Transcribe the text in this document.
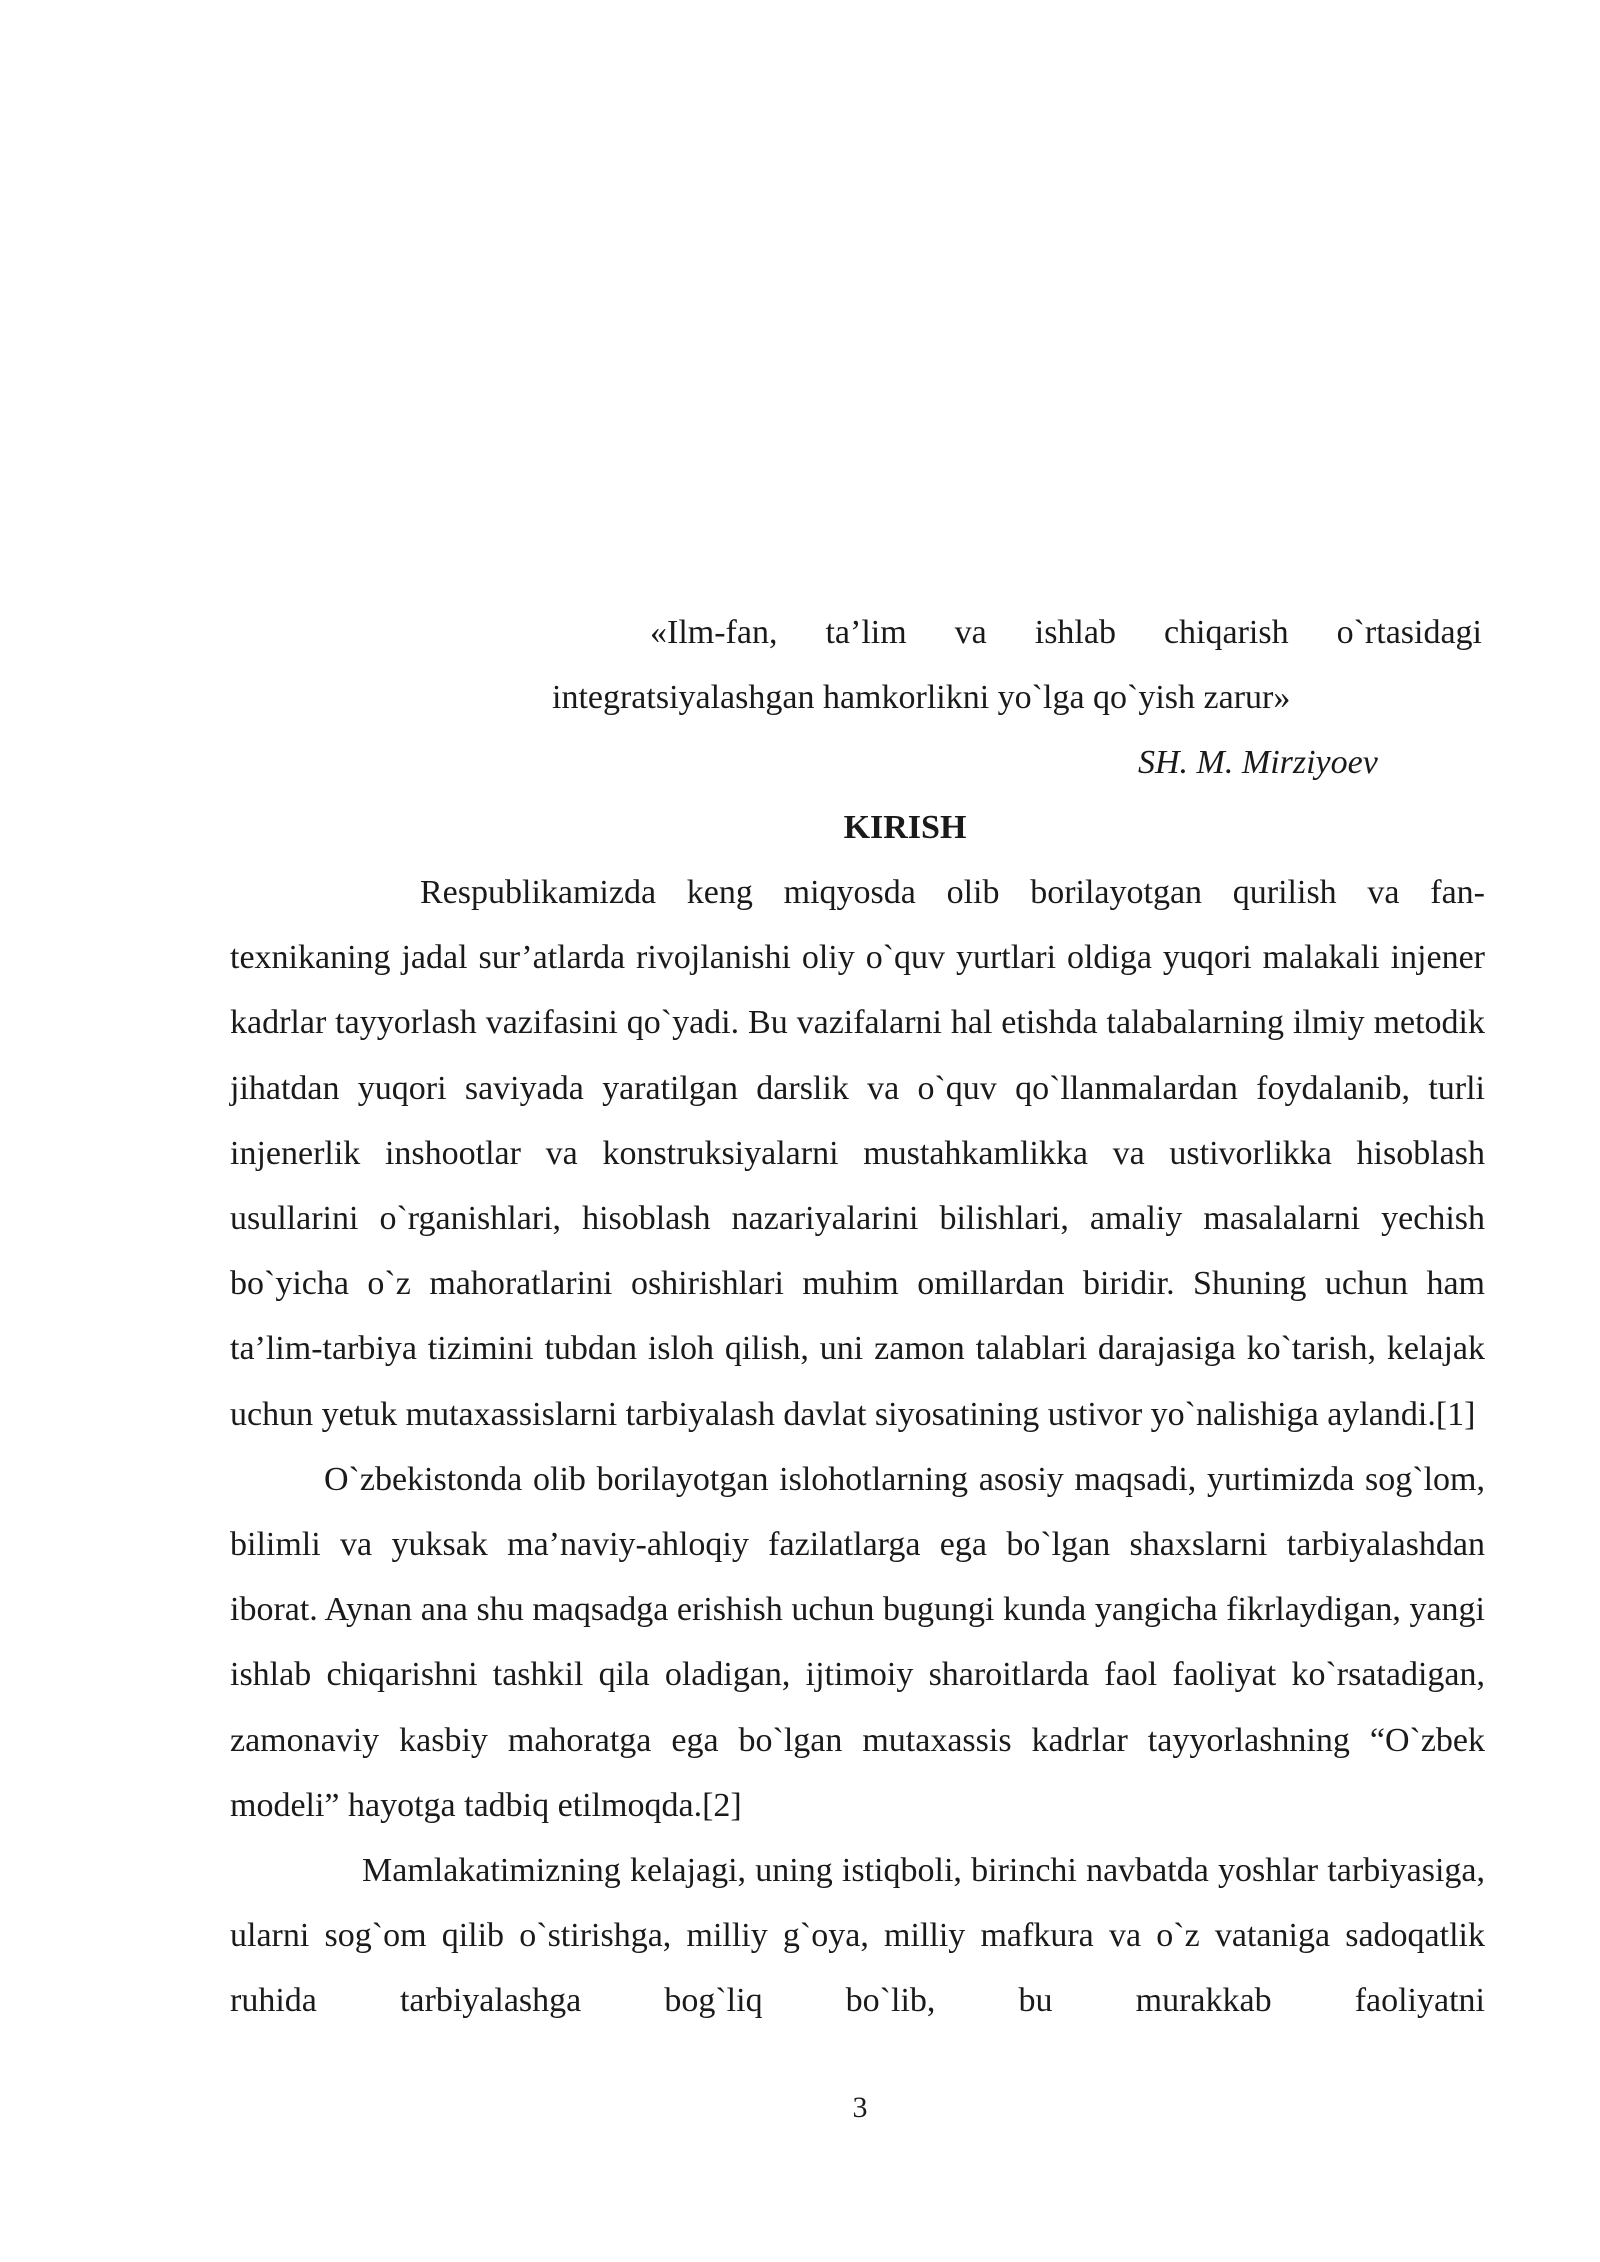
«Ilm-fan, ta’lim va ishlab chiqarish o`rtasidagi
integratsiyalashgan hamkorlikni yo`lga qo`yish zarur»
SH. M. Mirziyoev
KIRISH

Respublikamizda keng miqyosda olib borilayotgan qurilish va fan-texnikaning jadal sur’atlarda rivojlanishi oliy o`quv yurtlari oldiga yuqori malakali injener kadrlar tayyorlash vazifasini qo`yadi. Bu vazifalarni hal etishda talabalarning ilmiy metodik jihatdan yuqori saviyada yaratilgan darslik va o`quv qo`llanmalardan foydalanib, turli injenerlik inshootlar va konstruksiyalarni mustahkamlikka va ustivorlikka hisoblash usullarini o`rganishlari, hisoblash nazariyalarini bilishlari, amaliy masalalarni yechish bo`yicha o`z mahoratlarini oshirishlari muhim omillardan biridir. Shuning uchun ham ta’lim-tarbiya tizimini tubdan isloh qilish, uni zamon talablari darajasiga ko`tarish, kelajak uchun yetuk mutaxassislarni tarbiyalash davlat siyosatining ustivor yo`nalishiga aylandi.[1]

O`zbekistonda olib borilayotgan islohotlarning asosiy maqsadi, yurtimizda sog`lom, bilimli va yuksak ma’naviy-ahloqiy fazilatlarga ega bo`lgan shaxslarni tarbiyalashdan iborat. Aynan ana shu maqsadga erishish uchun bugungi kunda yangicha fikrlaydigan, yangi ishlab chiqarishni tashkil qila oladigan, ijtimoiy sharoitlarda faol faoliyat ko`rsatadigan, zamonaviy kasbiy mahoratga ega bo`lgan mutaxassis kadrlar tayyorlashning “O`zbek modeli” hayotga tadbiq etilmoqda.[2]

Mamlakatimizning kelajagi, uning istiqboli, birinchi navbatda yoshlar tarbiyasiga, ularni sog`om qilib o`stirishga, milliy g`oya, milliy mafkura va o`z vataniga sadoqatlik ruhida tarbiyalashga bog`liq bo`lib, bu murakkab faoliyatni

3
